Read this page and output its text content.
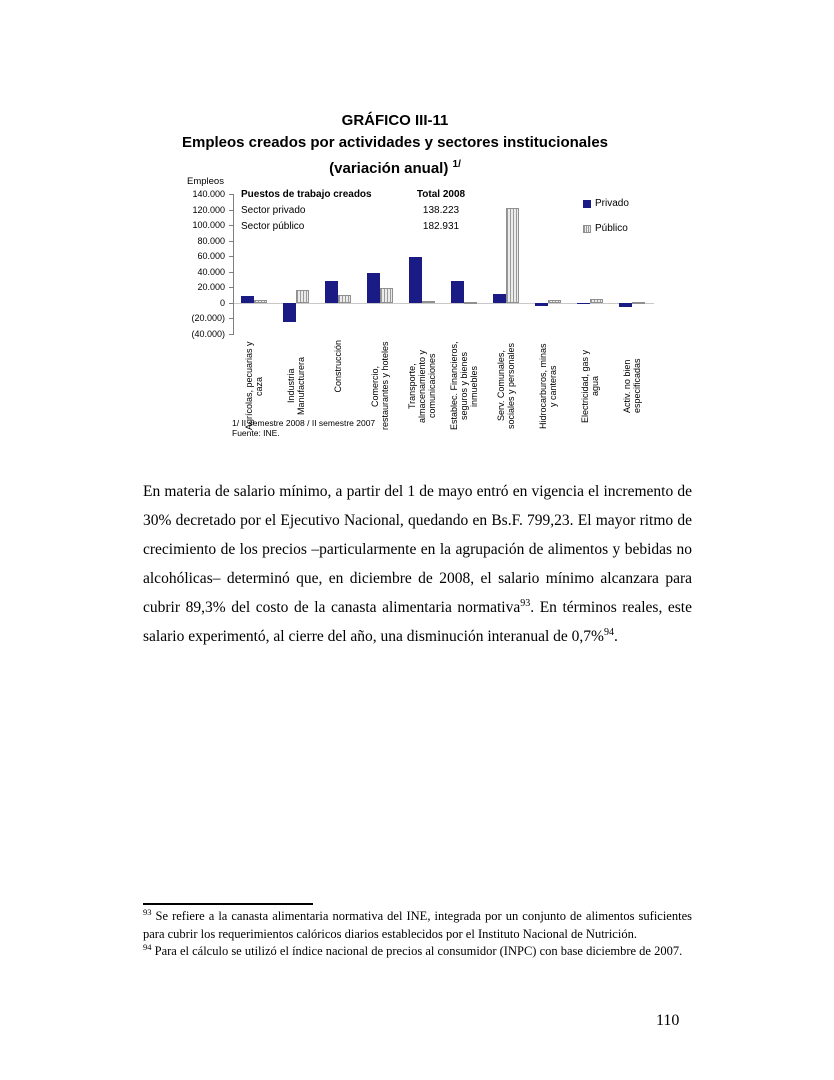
GRÁFICO III-11
Empleos creados por actividades y sectores institucionales
(variación anual) $^{1/}$
Empleos
140.000
120.000
100.000
80.000
60.000
40.000
20.000
0
(20.000)
(40.000)
Puestos de trabajo creados	Total 2008
Sector privado	138.223
Sector público	182.931
Privado
Público
Agrícolas, pecuarias y caza Industria Manufacturera	Construcción	Comercio, restaurantes y hoteles Transporte, almacenamiento y comunicaciones Establec. Financieros, seguros y bienes inmuebles Serv. Comunales, sociales y personales Hidrocarburos, minas y canteras Electricidad, gas y agua Activ. no bien especificadas
1/ II semestre 2008 / II semestre 2007
Fuente: INE.

En materia de salario mínimo, a partir del 1 de mayo entró en vigencia el incremento de 30% decretado por el Ejecutivo Nacional, quedando en Bs.F. 799,23. El mayor ritmo de crecimiento de los precios –particularmente en la agrupación de alimentos y bebidas no alcohólicas– determinó que, en diciembre de 2008, el salario mínimo alcanzara para cubrir 89,3% del costo de la canasta alimentaria normativa$^{93}$. En términos reales, este salario experimentó, al cierre del año, una disminución interanual de 0,7%$^{94}$.

$^{93}$ Se refiere a la canasta alimentaria normativa del INE, integrada por un conjunto de alimentos suficientes para cubrir los requerimientos calóricos diarios establecidos por el Instituto Nacional de Nutrición.

$^{94}$ Para el cálculo se utilizó el índice nacional de precios al consumidor (INPC) con base diciembre de 2007.

110
